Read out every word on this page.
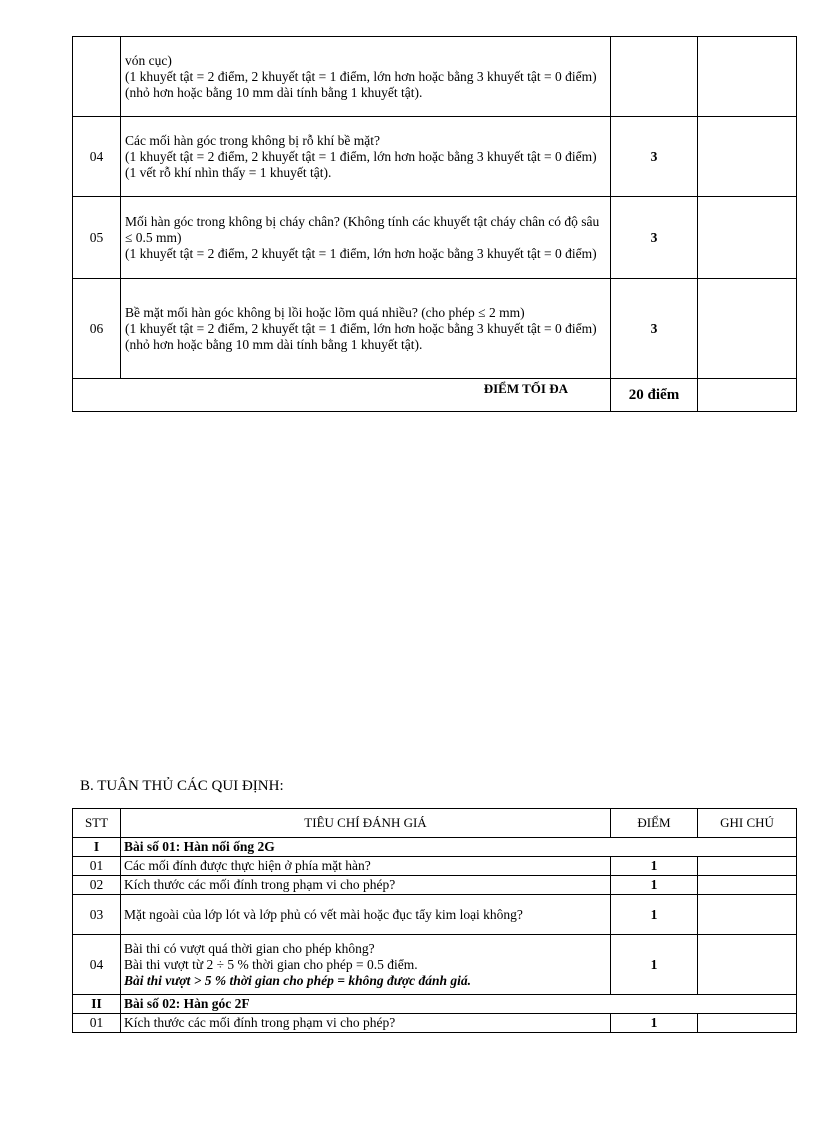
	vón cục)
(1 khuyết tật = 2 điểm, 2 khuyết tật = 1 điểm, lớn hơn hoặc bằng 3 khuyết tật = 0 điểm)
(nhỏ hơn hoặc bằng 10 mm dài tính bằng 1 khuyết tật).		
04	Các mối hàn góc trong không bị rỗ khí bề mặt?
(1 khuyết tật = 2 điểm, 2 khuyết tật = 1 điểm, lớn hơn hoặc bằng 3 khuyết tật = 0 điểm)
(1 vết rỗ khí nhìn thấy = 1 khuyết tật).	3	
05	Mối hàn góc trong không bị cháy chân? (Không tính các khuyết tật cháy chân có độ sâu ≤ 0.5 mm)
(1 khuyết tật = 2 điểm, 2 khuyết tật = 1 điểm, lớn hơn hoặc bằng 3 khuyết tật = 0 điểm)	3	
06	Bề mặt mối hàn góc không bị lồi hoặc lõm quá nhiều? (cho phép ≤ 2 mm)
(1 khuyết tật = 2 điểm, 2 khuyết tật = 1 điểm, lớn hơn hoặc bằng 3 khuyết tật = 0 điểm)
(nhỏ hơn hoặc bằng 10 mm dài tính bằng 1 khuyết tật).	3	
ĐIỂM TỐI ĐA		20 điểm	
B. TUÂN THỦ CÁC QUI ĐỊNH:
STT	TIÊU CHÍ ĐÁNH GIÁ	ĐIỂM	GHI CHÚ
I	Bài số 01: Hàn nối ống 2G		
01	Các mối đính được thực hiện ở phía mặt hàn?	1	
02	Kích thước các mối đính trong phạm vi cho phép?	1	
03	Mặt ngoài của lớp lót và lớp phủ có vết mài hoặc đục tẩy kim loại không?	1	
04	Bài thi có vượt quá thời gian cho phép không?
Bài thi vượt từ 2 ÷ 5 % thời gian cho phép = 0.5 điểm.
Bài thi vượt > 5 % thời gian cho phép = không được đánh giá.	1	
II	Bài số 02: Hàn góc 2F		
01	Kích thước các mối đính trong phạm vi cho phép?	1	
